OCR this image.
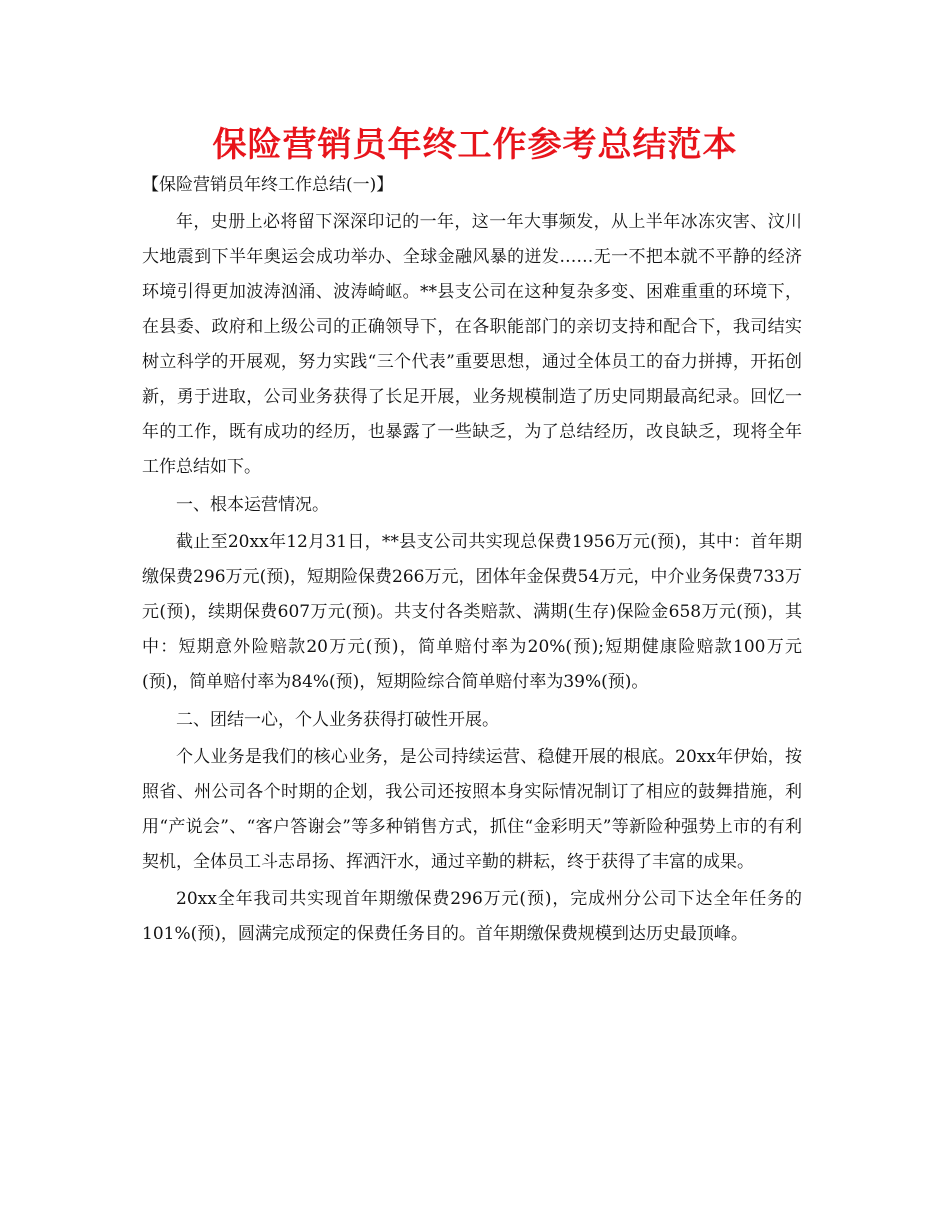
保险营销员年终工作参考总结范本

【保险营销员年终工作总结(一)】

年，史册上必将留下深深印记的一年，这一年大事频发，从上半年冰冻灾害、汶川大地震到下半年奥运会成功举办、全球金融风暴的迸发……无一不把本就不平静的经济环境引得更加波涛汹涌、波涛崎岖。**县支公司在这种复杂多变、困难重重的环境下，在县委、政府和上级公司的正确领导下，在各职能部门的亲切支持和配合下，我司结实树立科学的开展观，努力实践“三个代表”重要思想，通过全体员工的奋力拼搏，开拓创新，勇于进取，公司业务获得了长足开展，业务规模制造了历史同期最高纪录。回忆一年的工作，既有成功的经历，也暴露了一些缺乏，为了总结经历，改良缺乏，现将全年工作总结如下。

一、根本运营情况。

截止至20xx年12月31日，**县支公司共实现总保费1956万元(预)，其中：首年期缴保费296万元(预)，短期险保费266万元，团体年金保费54万元，中介业务保费733万元(预)，续期保费607万元(预)。共支付各类赔款、满期(生存)保险金658万元(预)，其中：短期意外险赔款20万元(预)，简单赔付率为20%(预);短期健康险赔款100万元(预)，简单赔付率为84%(预)，短期险综合简单赔付率为39%(预)。

二、团结一心，个人业务获得打破性开展。

个人业务是我们的核心业务，是公司持续运营、稳健开展的根底。20xx年伊始，按照省、州公司各个时期的企划，我公司还按照本身实际情况制订了相应的鼓舞措施，利用“产说会”、“客户答谢会”等多种销售方式，抓住“金彩明天”等新险种强势上市的有利契机，全体员工斗志昂扬、挥洒汗水，通过辛勤的耕耘，终于获得了丰富的成果。

20xx全年我司共实现首年期缴保费296万元(预)，完成州分公司下达全年任务的101%(预)，圆满完成预定的保费任务目的。首年期缴保费规模到达历史最顶峰。
